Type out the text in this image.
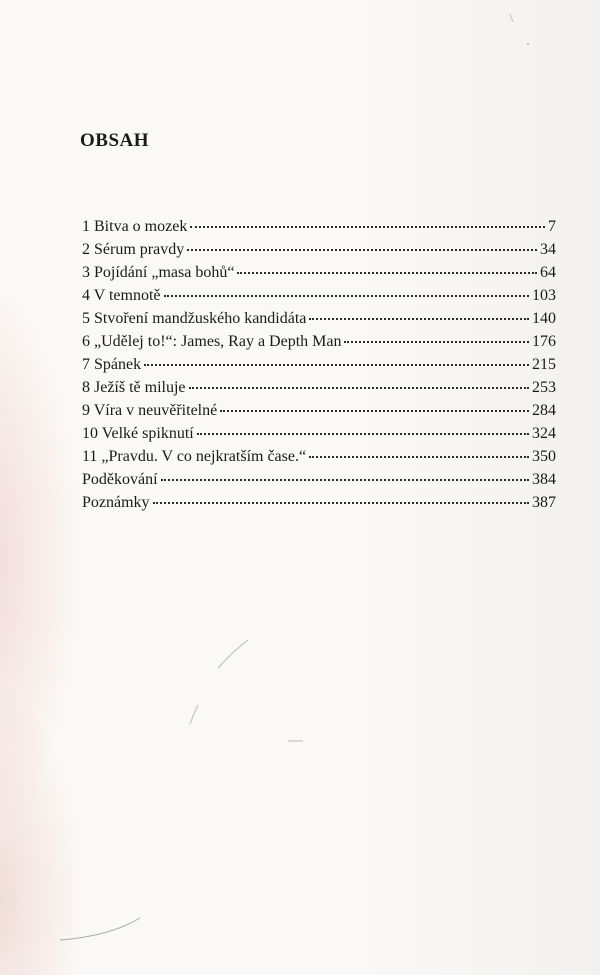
OBSAH
1 Bitva o mozek	7
2 Sérum pravdy	34
3 Pojídání „masa bohů“	64
4 V temnotě	103
5 Stvoření mandžuského kandidáta	140
6 „Udělej to!“: James, Ray a Depth Man	176
7 Spánek	215
8 Ježíš tě miluje	253
9 Víra v neuvěřitelné	284
10 Velké spiknutí	324
11 „Pravdu. V co nejkratším čase.“	350
Poděkování	384
Poznámky	387
